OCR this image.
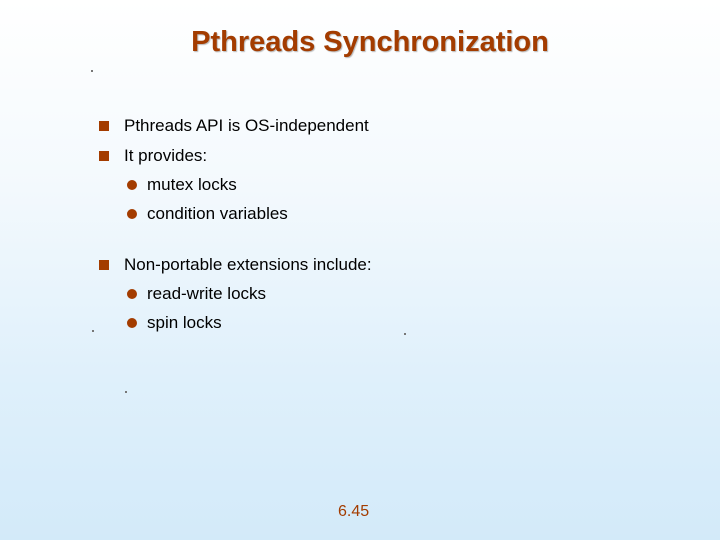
Pthreads Synchronization
Pthreads API is OS-independent
It provides:
mutex locks
condition variables
Non-portable extensions include:
read-write locks
spin locks
6.45
